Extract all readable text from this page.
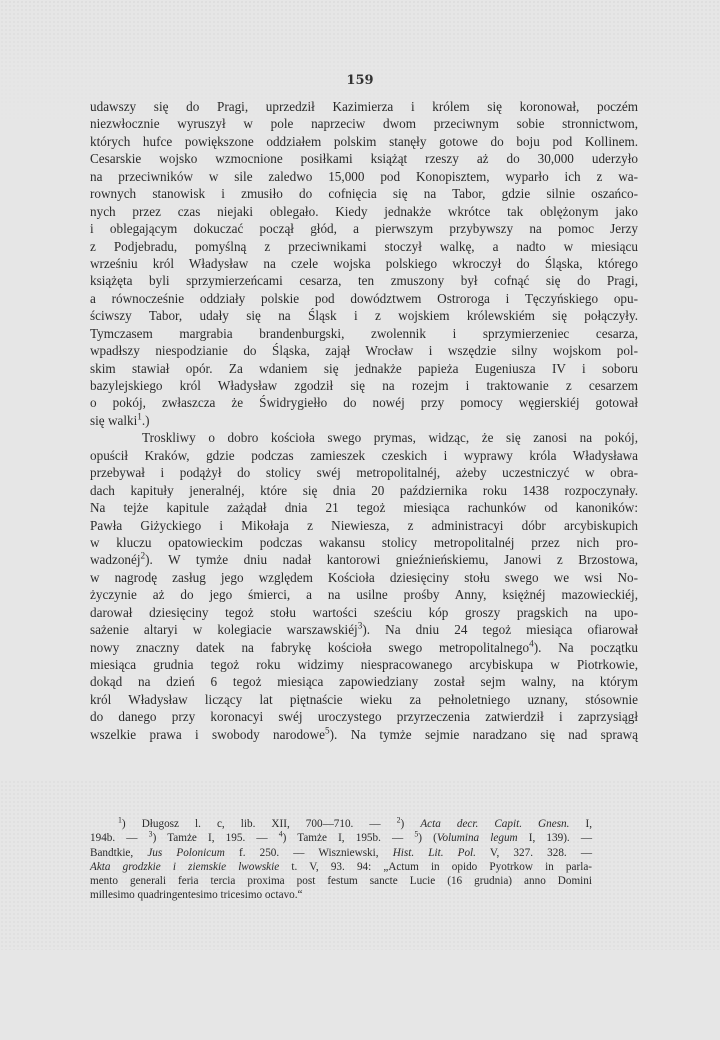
159
udawszy się do Pragi, uprzedził Kazimierza i królem się koronował, poczém
niezwłocznie wyruszył w pole naprzeciw dwom przeciwnym sobie stronnictwom,
których hufce powiększone oddziałem polskim stanęły gotowe do boju pod Kollinem.
Cesarskie wojsko wzmocnione posiłkami książąt rzeszy aż do 30,000 uderzyło
na przeciwników w sile zaledwo 15,000 pod Konopisztem, wyparło ich z wa-
rownych stanowisk i zmusiło do cofnięcia się na Tabor, gdzie silnie oszańco-
nych przez czas niejaki oblegało. Kiedy jednakże wkrótce tak oblężonym jako
i oblegającym dokuczać począł głód, a pierwszym przybywszy na pomoc Jerzy
z Podjebradu, pomyślną z przeciwnikami stoczył walkę, a nadto w miesiącu
wrześniu król Władysław na czele wojska polskiego wkroczył do Śląska, którego
książęta byli sprzymierzeńcami cesarza, ten zmuszony był cofnąć się do Pragi,
a równocześnie oddziały polskie pod dowództwem Ostroroga i Tęczyńskiego opu-
ściwszy Tabor, udały się na Śląsk i z wojskiem królewskiém się połączyły.
Tymczasem margrabia brandenburgski, zwolennik i sprzymierzeniec cesarza,
wpadłszy niespodzianie do Śląska, zajął Wrocław i wszędzie silny wojskom pol-
skim stawiał opór. Za wdaniem się jednakże papieża Eugeniusza IV i soboru
bazylejskiego król Władysław zgodził się na rozejm i traktowanie z cesarzem
o pokój, zwłaszcza że Świdrygiełło do nowéj przy pomocy węgierskiéj gotował
się walki$^1$.)
Troskliwy o dobro kościoła swego prymas, widząc, że się zanosi na pokój,
opuścił Kraków, gdzie podczas zamieszek czeskich i wyprawy króla Władysława
przebywał i podążył do stolicy swéj metropolitalnéj, ażeby uczestniczyć w obra-
dach kapituły jeneralnéj, które się dnia 20 października roku 1438 rozpoczynały.
Na tejże kapitule zażądał dnia 21 tegoż miesiąca rachunków od kanoników:
Pawła Giżyckiego i Mikołaja z Niewiesza, z administracyi dóbr arcybiskupich
w kluczu opatowieckim podczas wakansu stolicy metropolitalnéj przez nich pro-
wadzonéj$^2$). W tymże dniu nadał kantorowi gnieźnieńskiemu, Janowi z Brzostowa,
w nagrodę zasług jego względem Kościoła dziesięciny stołu swego we wsi No-
życzynie aż do jego śmierci, a na usilne prośby Anny, księżnéj mazowieckiéj,
darował dziesięciny tegoż stołu wartości sześciu kóp groszy pragskich na upo-
sażenie altaryi w kolegiacie warszawskiéj$^3$). Na dniu 24 tegoż miesiąca ofiarował
nowy znaczny datek na fabrykę kościoła swego metropolitalnego$^4$). Na początku
miesiąca grudnia tegoż roku widzimy niespracowanego arcybiskupa w Piotrkowie,
dokąd na dzień 6 tegoż miesiąca zapowiedziany został sejm walny, na którym
król Władysław liczący lat piętnaście wieku za pełnoletniego uznany, stósownie
do danego przy koronacyi swéj uroczystego przyrzeczenia zatwierdził i zaprzysiągł
wszelkie prawa i swobody narodowe$^5$). Na tymże sejmie naradzano się nad sprawą
$^1$) Długosz l. c, lib. XII, 700—710. — $^2$) Acta decr. Capit. Gnesn. I,
194b. — $^3$) Tamże I, 195. — $^4$) Tamże I, 195b. — $^5$) (Volumina legum I, 139). —
Bandtkie, Jus Polonicum f. 250. — Wiszniewski, Hist. Lit. Pol. V, 327. 328. —
Akta grodzkie i ziemskie lwowskie t. V, 93. 94: „Actum in opido Pyotrkow in parla-
mento generali feria tercia proxima post festum sancte Lucie (16 grudnia) anno Domini
millesimo quadringentesimo tricesimo octavo.“
